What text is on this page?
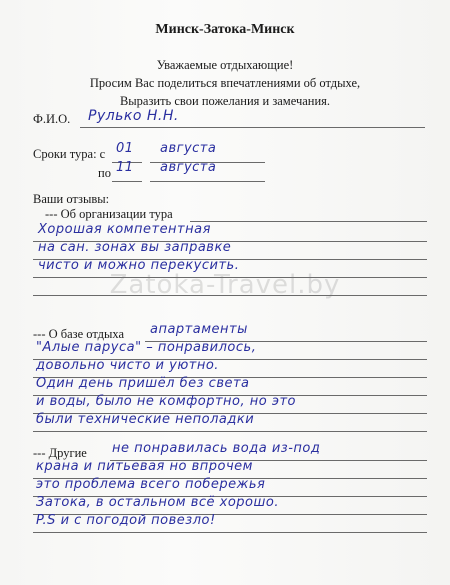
Минск-Затока-Минск
Уважаемые отдыхающие!
Просим Вас поделиться впечатлениями об отдыхе,
Выразить свои пожелания и замечания.
Ф.И.О. Рулько Н.Н.
Сроки тура: с 01 августа
по 11 августа
Ваши отзывы:
--- Об организации тура
Хорошая компетентная
на сан. зонах вы заправке
чисто и можно перекусить.
Zatoka-Travel.by
--- О базе отдыха апартаменты
"Алые паруса" – понравилось,
довольно чисто и уютно.
Один день пришёл без света
и воды, было не комфортно, но это
были технические неполадки
--- Другие не понравилась вода из-под
крана и питьевая но впрочем
это проблема всего побережья
Затока, в остальном всё хорошо.
P.S и с погодой повезло!
